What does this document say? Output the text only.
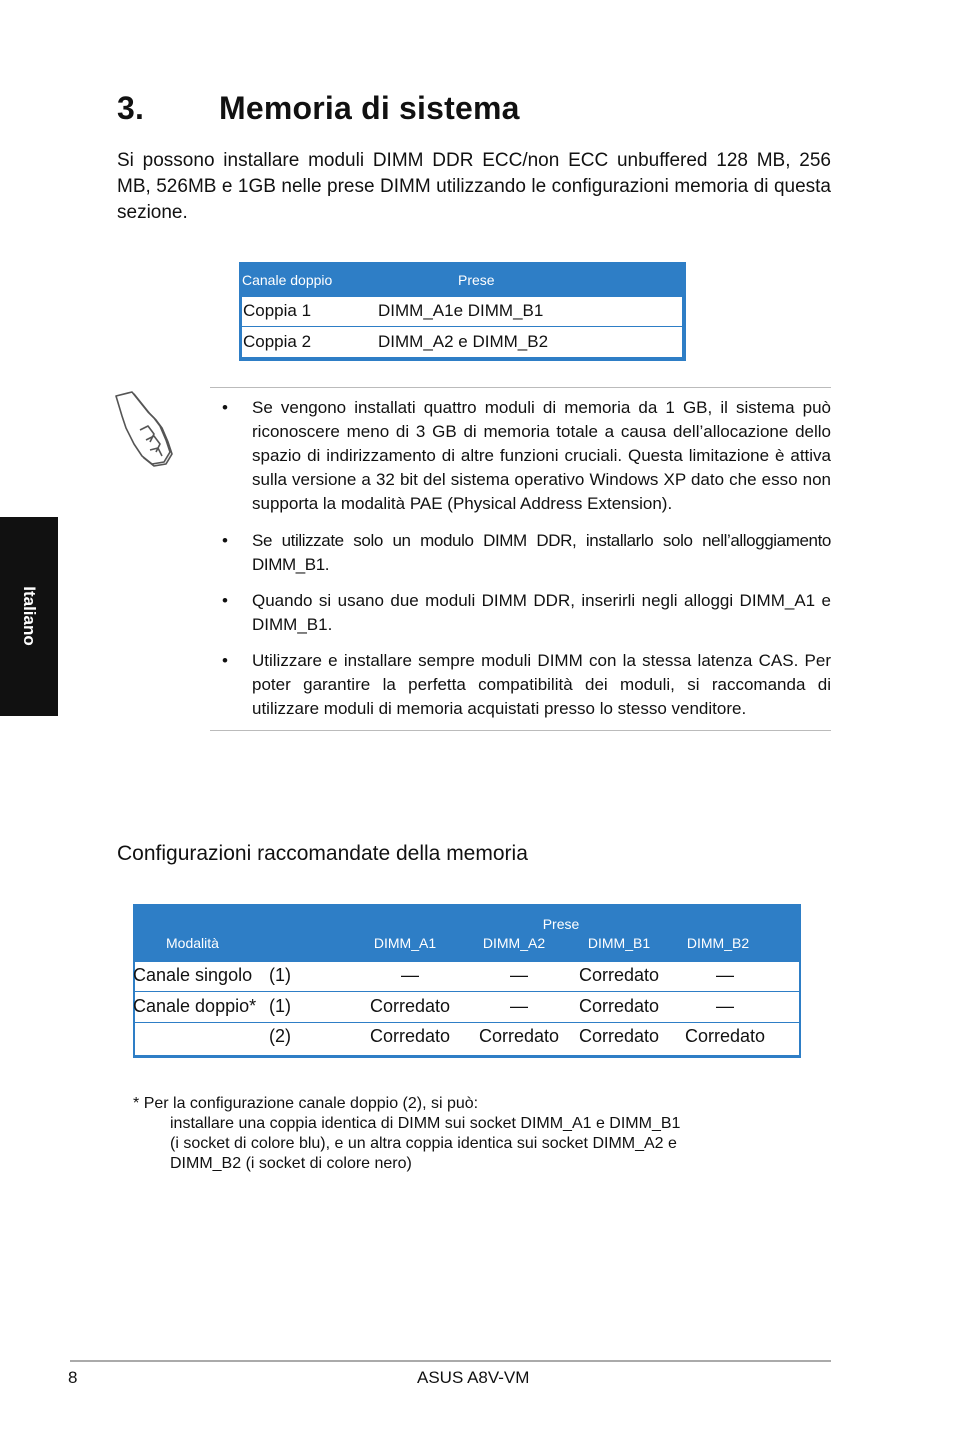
3. Memoria di sistema
Si possono installare moduli DIMM DDR ECC/non ECC unbuffered 128 MB, 256 MB, 526MB e 1GB nelle prese DIMM utilizzando le configurazioni memoria di questa sezione.
Italiano
Canale doppio	Prese
Coppia 1	DIMM_A1e DIMM_B1
Coppia 2	DIMM_A2 e DIMM_B2
• Se vengono installati quattro moduli di memoria da 1 GB, il sistema può riconoscere meno di 3 GB di memoria totale a causa dell’allocazione dello spazio di indirizzamento di altre funzioni cruciali. Questa limitazione è attiva sulla versione a 32 bit del sistema operativo Windows XP dato che esso non supporta la modalità PAE (Physical Address Extension).
• Se utilizzate solo un modulo DIMM DDR, installarlo solo nell’alloggiamento DIMM_B1.
• Quando si usano due moduli DIMM DDR, inserirli negli alloggi DIMM_A1 e DIMM_B1.
• Utilizzare e installare sempre moduli DIMM con la stessa latenza CAS. Per poter garantire la perfetta compatibilità dei moduli, si raccomanda di utilizzare moduli di memoria acquistati presso lo stesso venditore.
Configurazioni raccomandate della memoria
Modalità
Prese
DIMM_A1	DIMM_A2	DIMM_B1	DIMM_B2
Canale singolo (1)	—	—	Corredato	—
Canale doppio* (1)	Corredato	—	Corredato	—
(2)	Corredato Corredato Corredato Corredato
* Per la configurazione canale doppio (2), si può:
installare una coppia identica di DIMM sui socket DIMM_A1 e DIMM_B1
(i socket di colore blu), e un altra coppia identica sui socket DIMM_A2 e
DIMM_B2 (i socket di colore nero)
8	ASUS A8V-VM
